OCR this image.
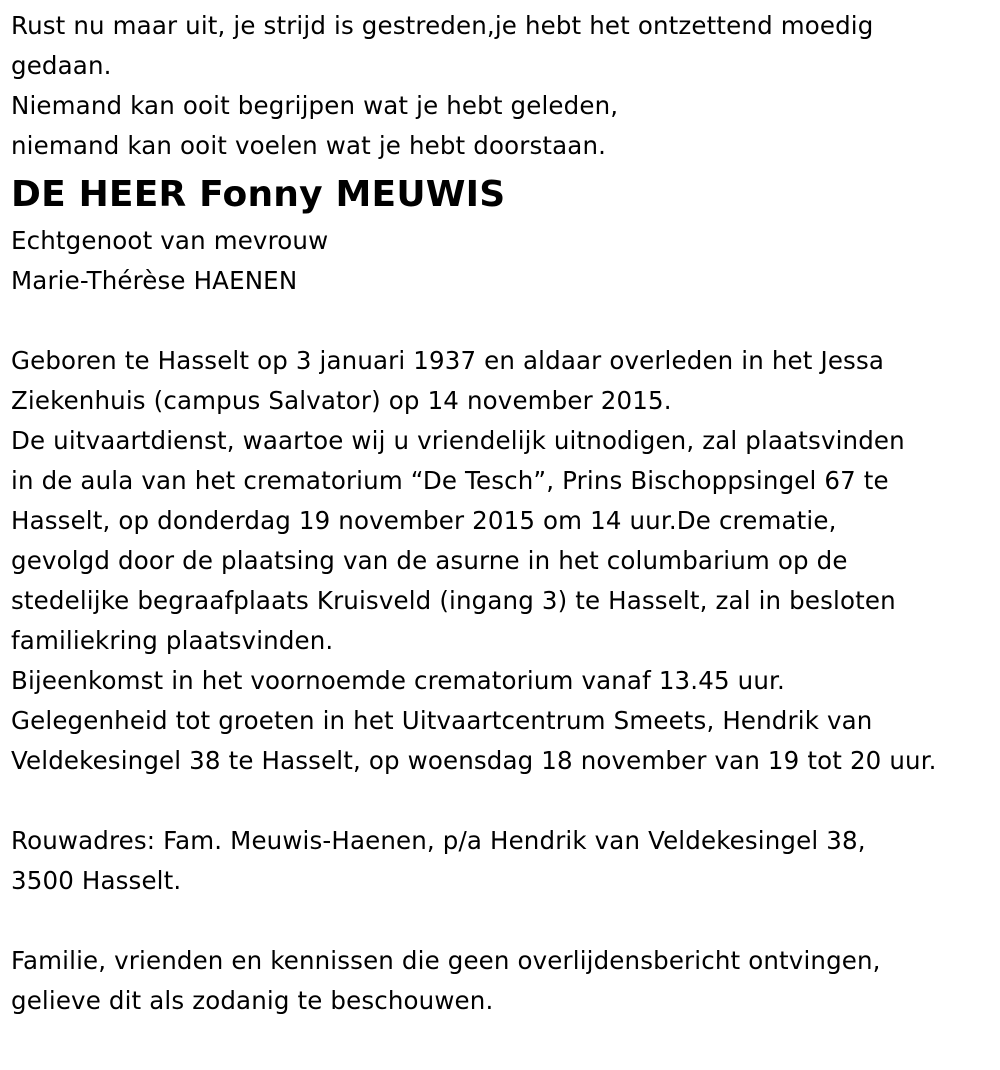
Rust nu maar uit, je strijd is gestreden,je hebt het ontzettend moedig
gedaan.
Niemand kan ooit begrijpen wat je hebt geleden,
niemand kan ooit voelen wat je hebt doorstaan.
DE HEER Fonny MEUWIS
Echtgenoot van mevrouw
Marie-Thérèse HAENEN
Geboren te Hasselt op 3 januari 1937 en aldaar overleden in het Jessa
Ziekenhuis (campus Salvator) op 14 november 2015.
De uitvaartdienst, waartoe wij u vriendelijk uitnodigen, zal plaatsvinden
in de aula van het crematorium “De Tesch”, Prins Bischoppsingel 67 te
Hasselt, op donderdag 19 november 2015 om 14 uur.De crematie,
gevolgd door de plaatsing van de asurne in het columbarium op de
stedelijke begraafplaats Kruisveld (ingang 3) te Hasselt, zal in besloten
familiekring plaatsvinden.
Bijeenkomst in het voornoemde crematorium vanaf 13.45 uur.
Gelegenheid tot groeten in het Uitvaartcentrum Smeets, Hendrik van
Veldekesingel 38 te Hasselt, op woensdag 18 november van 19 tot 20 uur.
Rouwadres: Fam. Meuwis-Haenen, p/a Hendrik van Veldekesingel 38,
3500 Hasselt.
Familie, vrienden en kennissen die geen overlijdensbericht ontvingen,
gelieve dit als zodanig te beschouwen.
